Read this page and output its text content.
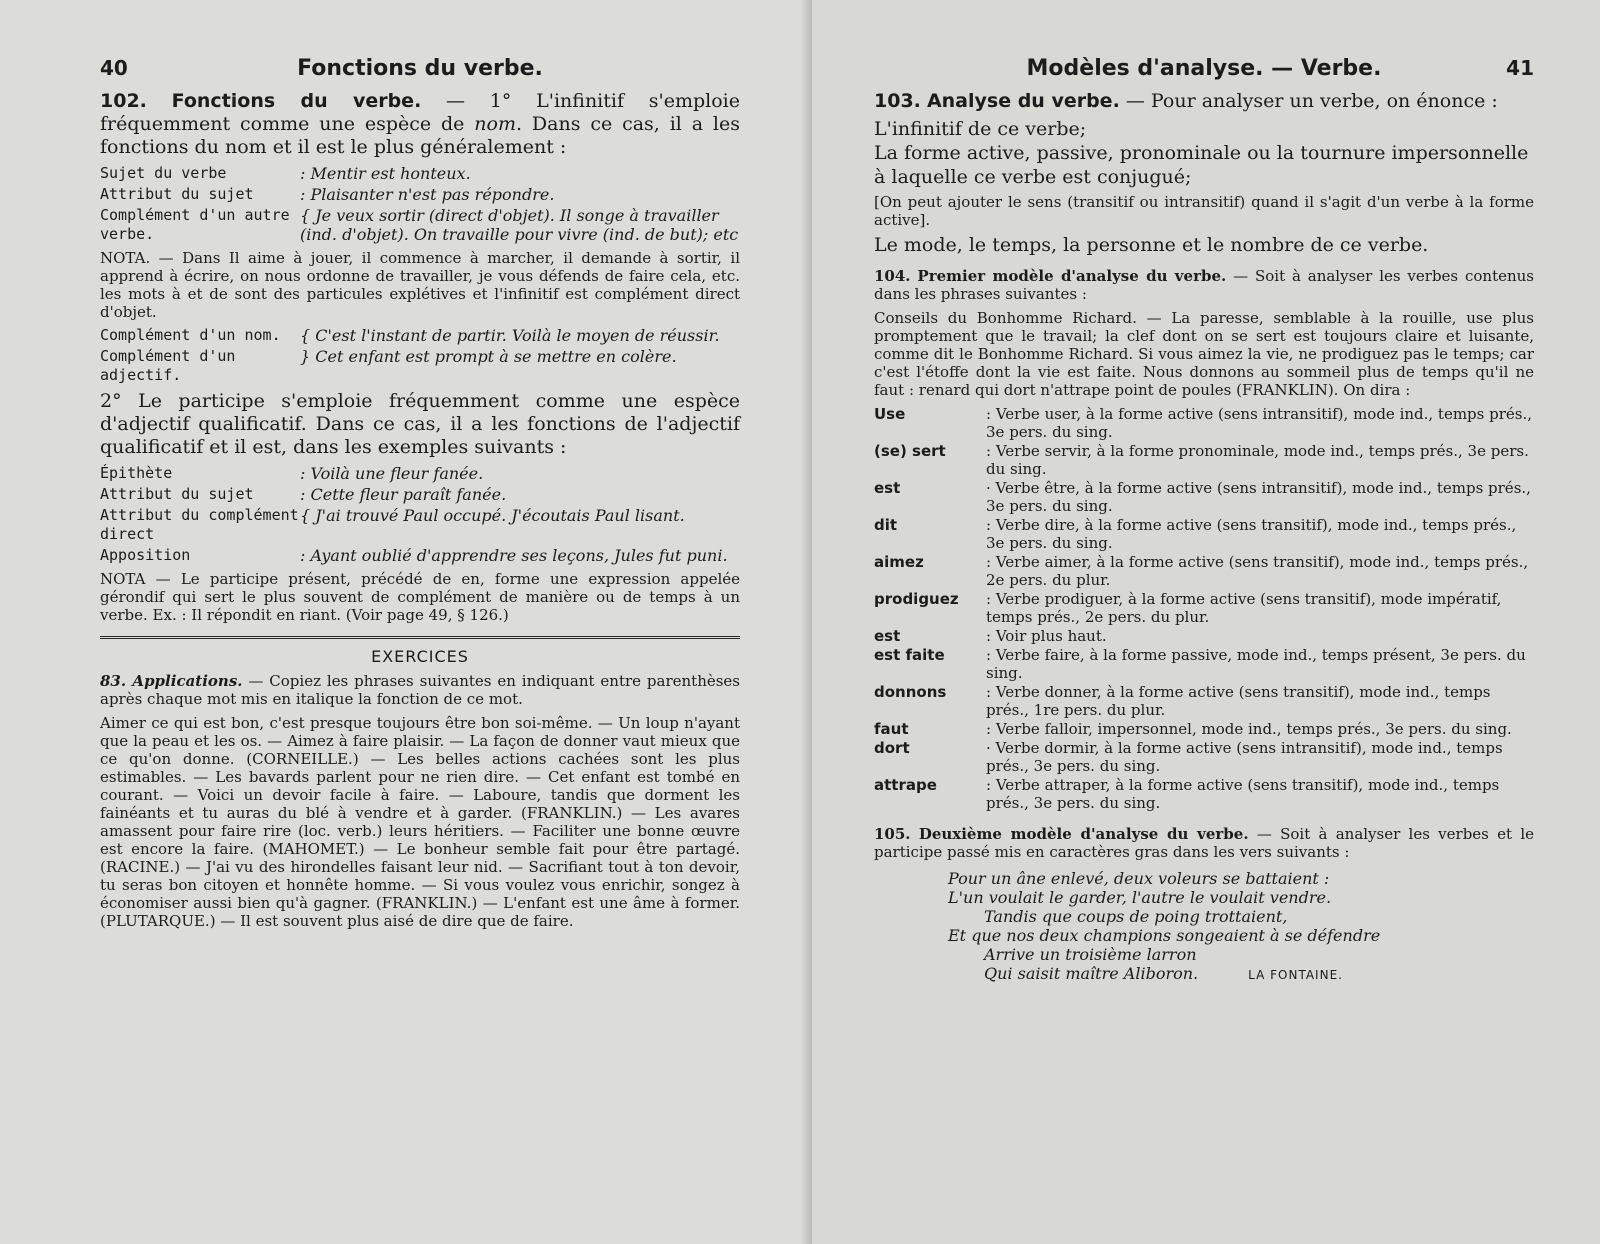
40	Fonctions du verbe.

102. Fonctions du verbe. — 1° L'infinitif s'emploie fréquemment comme une espèce de nom. Dans ce cas, il a les fonctions du nom et il est le plus généralement :

Sujet du verbe	: Mentir est honteux.
Attribut du sujet	: Plaisanter n'est pas répondre.
Complément d'un autre verbe.	{ Je veux sortir (direct d'objet). Il songe à travailler (ind. d'objet). On travaille pour vivre (ind. de but); etc

NOTA. — Dans Il aime à jouer, il commence à marcher, il demande à sortir, il apprend à écrire, on nous ordonne de travailler, je vous défends de faire cela, etc. les mots à et de sont des particules explétives et l'infinitif est complément direct d'objet.

Complément d'un nom.	{ C'est l'instant de partir. Voilà le moyen de réussir.
Complément d'un adjectif.	} Cet enfant est prompt à se mettre en colère.

2° Le participe s'emploie fréquemment comme une espèce d'adjectif qualificatif. Dans ce cas, il a les fonctions de l'adjectif qualificatif et il est, dans les exemples suivants :

Épithète	: Voilà une fleur fanée.
Attribut du sujet	: Cette fleur paraît fanée.
Attribut du complément direct	{ J'ai trouvé Paul occupé. J'écoutais Paul lisant.
Apposition	: Ayant oublié d'apprendre ses leçons, Jules fut puni.

NOTA — Le participe présent, précédé de en, forme une expression appelée gérondif qui sert le plus souvent de complément de manière ou de temps à un verbe. Ex. : Il répondit en riant. (Voir page 49, § 126.)

EXERCICES

83. Applications. — Copiez les phrases suivantes en indiquant entre parenthèses après chaque mot mis en italique la fonction de ce mot.

Aimer ce qui est bon, c'est presque toujours être bon soi-même. — Un loup n'ayant que la peau et les os. — Aimez à faire plaisir. — La façon de donner vaut mieux que ce qu'on donne. (CORNEILLE.) — Les belles actions cachées sont les plus estimables. — Les bavards parlent pour ne rien dire. — Cet enfant est tombé en courant. — Voici un devoir facile à faire. — Laboure, tandis que dorment les fainéants et tu auras du blé à vendre et à garder. (FRANKLIN.) — Les avares amassent pour faire rire (loc. verb.) leurs héritiers. — Faciliter une bonne œuvre est encore la faire. (MAHOMET.) — Le bonheur semble fait pour être partagé. (RACINE.) — J'ai vu des hirondelles faisant leur nid. — Sacrifiant tout à ton devoir, tu seras bon citoyen et honnête homme. — Si vous voulez vous enrichir, songez à économiser aussi bien qu'à gagner. (FRANKLIN.) — L'enfant est une âme à former. (PLUTARQUE.) — Il est souvent plus aisé de dire que de faire.

Modèles d'analyse. — Verbe.	41

103. Analyse du verbe. — Pour analyser un verbe, on énonce :

L'infinitif de ce verbe;

La forme active, passive, pronominale ou la tournure impersonnelle à laquelle ce verbe est conjugué;

[On peut ajouter le sens (transitif ou intransitif) quand il s'agit d'un verbe à la forme active].

Le mode, le temps, la personne et le nombre de ce verbe.

104. Premier modèle d'analyse du verbe. — Soit à analyser les verbes contenus dans les phrases suivantes :

Conseils du Bonhomme Richard. — La paresse, semblable à la rouille, use plus promptement que le travail; la clef dont on se sert est toujours claire et luisante, comme dit le Bonhomme Richard. Si vous aimez la vie, ne prodiguez pas le temps; car c'est l'étoffe dont la vie est faite. Nous donnons au sommeil plus de temps qu'il ne faut : renard qui dort n'attrape point de poules (FRANKLIN). On dira :

Use	: Verbe user, à la forme active (sens intransitif), mode ind., temps prés., 3e pers. du sing.
(se) sert	: Verbe servir, à la forme pronominale, mode ind., temps prés., 3e pers. du sing.
est	· Verbe être, à la forme active (sens intransitif), mode ind., temps prés., 3e pers. du sing.
dit	: Verbe dire, à la forme active (sens transitif), mode ind., temps prés., 3e pers. du sing.
aimez	: Verbe aimer, à la forme active (sens transitif), mode ind., temps prés., 2e pers. du plur.
prodiguez	: Verbe prodiguer, à la forme active (sens transitif), mode impératif, temps prés., 2e pers. du plur.
est	: Voir plus haut.
est faite	: Verbe faire, à la forme passive, mode ind., temps présent, 3e pers. du sing.
donnons	: Verbe donner, à la forme active (sens transitif), mode ind., temps prés., 1re pers. du plur.
faut	: Verbe falloir, impersonnel, mode ind., temps prés., 3e pers. du sing.
dort	· Verbe dormir, à la forme active (sens intransitif), mode ind., temps prés., 3e pers. du sing.
attrape	: Verbe attraper, à la forme active (sens transitif), mode ind., temps prés., 3e pers. du sing.

105. Deuxième modèle d'analyse du verbe. — Soit à analyser les verbes et le participe passé mis en caractères gras dans les vers suivants :

Pour un âne enlevé, deux voleurs se battaient :
L'un voulait le garder, l'autre le voulait vendre.
Tandis que coups de poing trottaient,
Et que nos deux champions songeaient à se défendre
Arrive un troisième larron
Qui saisit maître Aliboron.	LA FONTAINE.
